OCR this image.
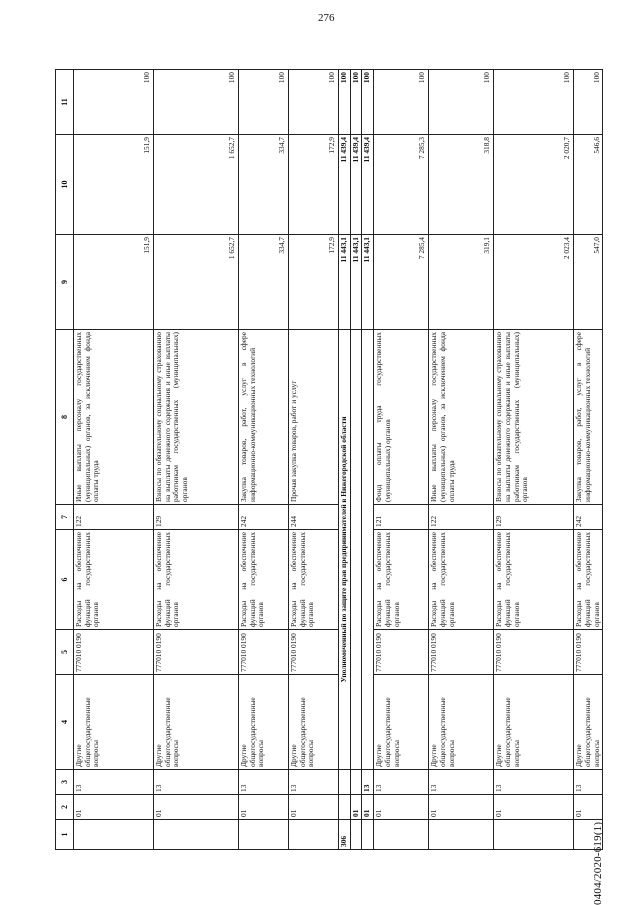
276
0404/2020-619(1)
1	2	3	4	5	6	7	8	9	10	11
	01	13	Другие общегосударственные вопросы	777010 0190	Расходы на обеспечение функций государственных органов	122	Иные выплаты персоналу государственных (муниципальных) органов, за исключением фонда оплаты труда	151,9	151,9	100
	01	13	Другие общегосударственные вопросы	777010 0190	Расходы на обеспечение функций государственных органов	129	Взносы по обязательному социальному страхованию на выплаты денежного содержания и иные выплаты работникам государственных (муниципальных) органов	1 652,7	1 652,7	100
	01	13	Другие общегосударственные вопросы	777010 0190	Расходы на обеспечение функций государственных органов	242	Закупка товаров, работ, услуг в сфере информационно-коммуникационных технологий	334,7	334,7	100
	01	13	Другие общегосударственные вопросы	777010 0190	Расходы на обеспечение функций государственных органов	244	Прочая закупка товаров, работ и услуг	172,9	172,9	100
306			Уполномоченный по защите прав предпринимателей в Нижегородской области					11 443,1	11 439,4	100
	01							11 443,1	11 439,4	100
	01	13						11 443,1	11 439,4	100
	01	13	Другие общегосударственные вопросы	777010 0190	Расходы на обеспечение функций государственных органов	121	Фонд оплаты труда государственных (муниципальных) органов	7 285,4	7 285,3	100
	01	13	Другие общегосударственные вопросы	777010 0190	Расходы на обеспечение функций государственных органов	122	Иные выплаты персоналу государственных (муниципальных) органов, за исключением фонда оплаты труда	319,1	318,8	100
	01	13	Другие общегосударственные вопросы	777010 0190	Расходы на обеспечение функций государственных органов	129	Взносы по обязательному социальному страхованию на выплаты денежного содержания и иные выплаты работникам государственных (муниципальных) органов	2 023,4	2 020,7	100
	01	13	Другие общегосударственные вопросы	777010 0190	Расходы на обеспечение функций государственных органов	242	Закупка товаров, работ, услуг в сфере информационно-коммуникационных технологий	547,0	546,6	100
